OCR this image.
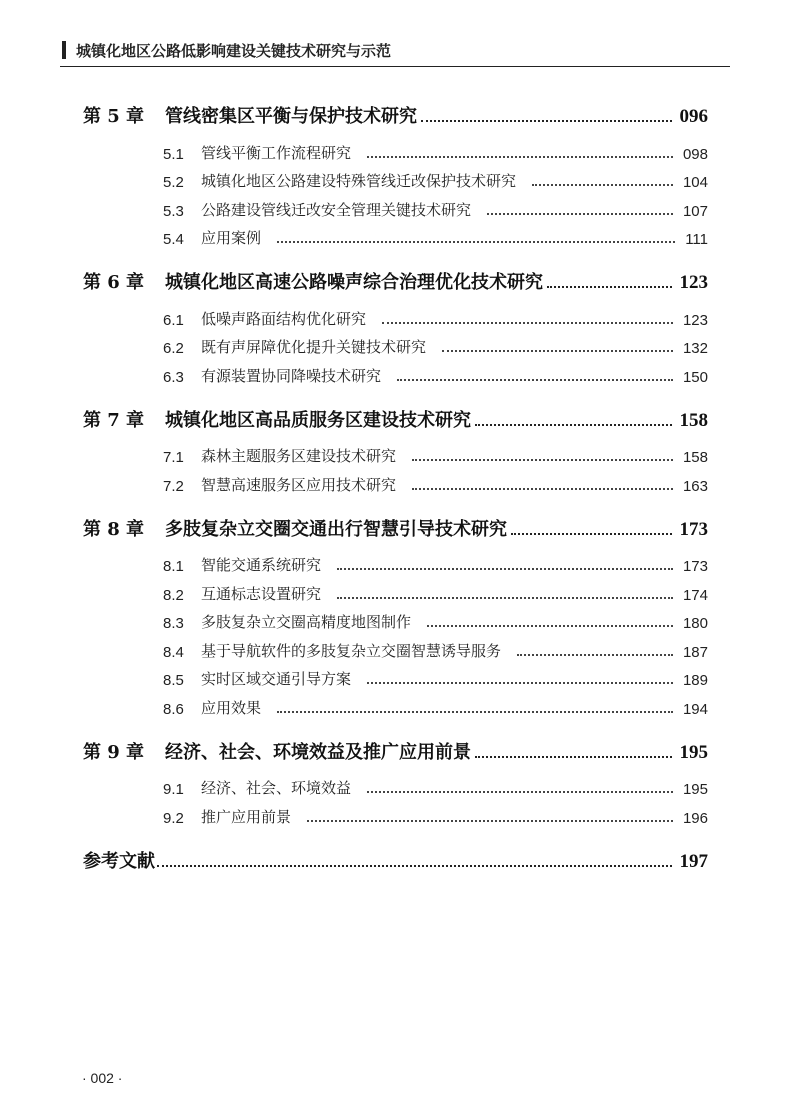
城镇化地区公路低影响建设关键技术研究与示范
第 5 章	管线密集区平衡与保护技术研究	096
5.1	管线平衡工作流程研究	098
5.2	城镇化地区公路建设特殊管线迁改保护技术研究	104
5.3	公路建设管线迁改安全管理关键技术研究	107
5.4	应用案例	111
第 6 章	城镇化地区高速公路噪声综合治理优化技术研究	123
6.1	低噪声路面结构优化研究	123
6.2	既有声屏障优化提升关键技术研究	132
6.3	有源装置协同降噪技术研究	150
第 7 章	城镇化地区高品质服务区建设技术研究	158
7.1	森林主题服务区建设技术研究	158
7.2	智慧高速服务区应用技术研究	163
第 8 章	多肢复杂立交圈交通出行智慧引导技术研究	173
8.1	智能交通系统研究	173
8.2	互通标志设置研究	174
8.3	多肢复杂立交圈高精度地图制作	180
8.4	基于导航软件的多肢复杂立交圈智慧诱导服务	187
8.5	实时区域交通引导方案	189
8.6	应用效果	194
第 9 章	经济、社会、环境效益及推广应用前景	195
9.1	经济、社会、环境效益	195
9.2	推广应用前景	196
参考文献	197
· 002 ·
